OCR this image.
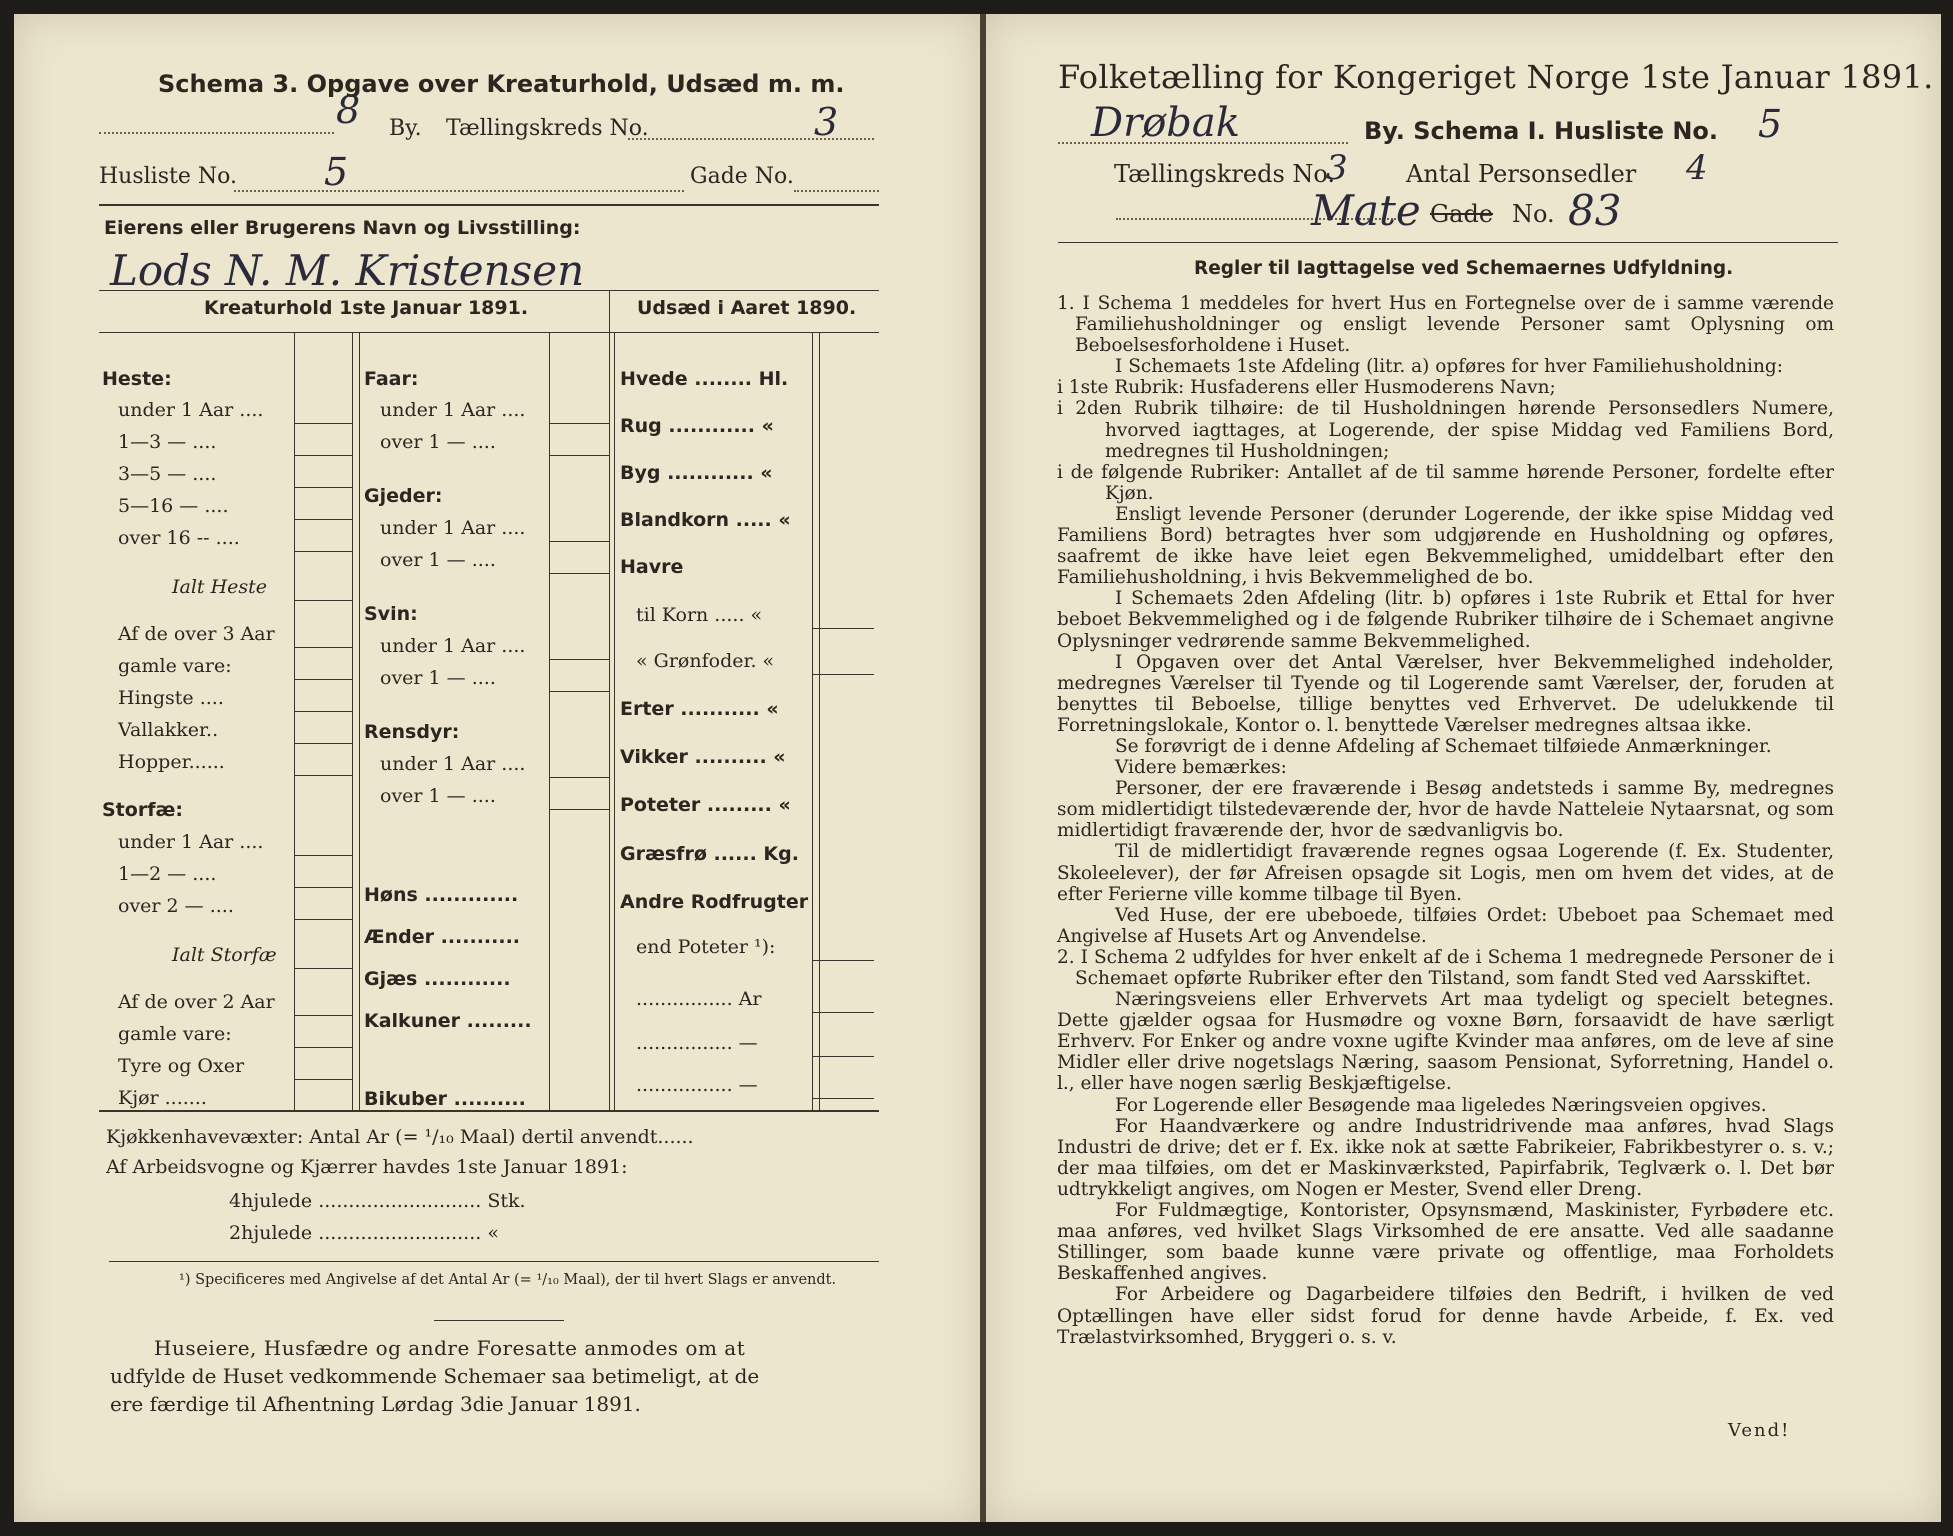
Schema 3. Opgave over Kreaturhold, Udsæd m. m.
8 By. Tællingskreds No.	3
Husliste No. 5	Gade No.
Eierens eller Brugerens Navn og Livsstilling:
Lods N. M. Kristensen
Kreaturhold 1ste Januar 1891.	Udsæd i Aaret 1890.
Heste:
under 1 Aar ....
1—3 — ....
3—5 — ....
5—16 — ....
over 16 -- ....
Ialt Heste
Af de over 3 Aar
gamle vare:
Hingste ....
Vallakker..
Hopper......
Storfæ:
under 1 Aar ....
1—2 — ....
over 2 — ....
Ialt Storfæ
Af de over 2 Aar
gamle vare:
Tyre og Oxer
Kjør .......
Faar:
under 1 Aar ....
over 1 — ....
Gjeder:
under 1 Aar ....
over 1 — ....
Svin:
under 1 Aar ....
over 1 — ....
Rensdyr:
under 1 Aar ....
over 1 — ....
Høns .............
Ænder ...........
Gjæs ............
Kalkuner .........
Bikuber ..........
Hvede ........ Hl.
Rug ............ «
Byg ............ «
Blandkorn ..... «
Havre
til Korn ..... «
« Grønfoder. «
Erter ........... «
Vikker .......... «
Poteter ......... «
Græsfrø ...... Kg.
Andre Rodfrugter
end Poteter ¹):
................ Ar
................ —
................ —
Kjøkkenhavevæxter: Antal Ar (= ¹/₁₀ Maal) dertil anvendt......
Af Arbeidsvogne og Kjærrer havdes 1ste Januar 1891:
4hjulede ........................... Stk.
2hjulede ........................... «
¹) Specificeres med Angivelse af det Antal Ar (= ¹/₁₀ Maal), der til hvert Slags er anvendt.
Huseiere, Husfædre og andre Foresatte anmodes om at
udfylde de Huset vedkommende Schemaer saa betimeligt, at de
ere færdige til Afhentning Lørdag 3die Januar 1891.
Folketælling for Kongeriget Norge 1ste Januar 1891.
Drøbak	By. Schema I. Husliste No. 5
Tællingskreds No.
3 Antal Personsedler 4
Mate Gade No. 83
Regler til Iagttagelse ved Schemaernes Udfyldning.

1. I Schema 1 meddeles for hvert Hus en Fortegnelse over de i samme værende Familiehusholdninger og ensligt levende Personer samt Oplysning om Beboelsesforholdene i Huset.

I Schemaets 1ste Afdeling (litr. a) opføres for hver Familiehusholdning:

i 1ste Rubrik: Husfaderens eller Husmoderens Navn;

i 2den Rubrik tilhøire: de til Husholdningen hørende Personsedlers Numere, hvorved iagttages, at Logerende, der spise Middag ved Familiens Bord, medregnes til Husholdningen;

i de følgende Rubriker: Antallet af de til samme hørende Personer, fordelte efter Kjøn.

Ensligt levende Personer (derunder Logerende, der ikke spise Middag ved Familiens Bord) betragtes hver som udgjørende en Husholdning og opføres, saafremt de ikke have leiet egen Bekvemmelighed, umiddelbart efter den Familiehusholdning, i hvis Bekvemmelighed de bo.

I Schemaets 2den Afdeling (litr. b) opføres i 1ste Rubrik et Ettal for hver beboet Bekvemmelighed og i de følgende Rubriker tilhøire de i Schemaet angivne Oplysninger vedrørende samme Bekvemmelighed.

I Opgaven over det Antal Værelser, hver Bekvemmelighed indeholder, medregnes Værelser til Tyende og til Logerende samt Værelser, der, foruden at benyttes til Beboelse, tillige benyttes ved Erhvervet. De udelukkende til Forretningslokale, Kontor o. l. benyttede Værelser medregnes altsaa ikke.

Se forøvrigt de i denne Afdeling af Schemaet tilføiede Anmærkninger.

Videre bemærkes:

Personer, der ere fraværende i Besøg andetsteds i samme By, medregnes som midlertidigt tilstedeværende der, hvor de havde Natteleie Nytaarsnat, og som midlertidigt fraværende der, hvor de sædvanligvis bo.

Til de midlertidigt fraværende regnes ogsaa Logerende (f. Ex. Studenter, Skoleelever), der før Afreisen opsagde sit Logis, men om hvem det vides, at de efter Ferierne ville komme tilbage til Byen.

Ved Huse, der ere ubeboede, tilføies Ordet: Ubeboet paa Schemaet med Angivelse af Husets Art og Anvendelse.

2. I Schema 2 udfyldes for hver enkelt af de i Schema 1 medregnede Personer de i Schemaet opførte Rubriker efter den Tilstand, som fandt Sted ved Aarsskiftet.

Næringsveiens eller Erhvervets Art maa tydeligt og specielt betegnes. Dette gjælder ogsaa for Husmødre og voxne Børn, forsaavidt de have særligt Erhverv. For Enker og andre voxne ugifte Kvinder maa anføres, om de leve af sine Midler eller drive nogetslags Næring, saasom Pensionat, Syforretning, Handel o. l., eller have nogen særlig Beskjæftigelse.

For Logerende eller Besøgende maa ligeledes Næringsveien opgives.

For Haandværkere og andre Industridrivende maa anføres, hvad Slags Industri de drive; det er f. Ex. ikke nok at sætte Fabrikeier, Fabrikbestyrer o. s. v.; der maa tilføies, om det er Maskinværksted, Papirfabrik, Teglværk o. l. Det bør udtrykkeligt angives, om Nogen er Mester, Svend eller Dreng.

For Fuldmægtige, Kontorister, Opsynsmænd, Maskinister, Fyrbødere etc. maa anføres, ved hvilket Slags Virksomhed de ere ansatte. Ved alle saadanne Stillinger, som baade kunne være private og offentlige, maa Forholdets Beskaffenhed angives.

For Arbeidere og Dagarbeidere tilføies den Bedrift, i hvilken de ved Optællingen have eller sidst forud for denne havde Arbeide, f. Ex. ved Trælastvirksomhed, Bryggeri o. s. v.

Vend!
